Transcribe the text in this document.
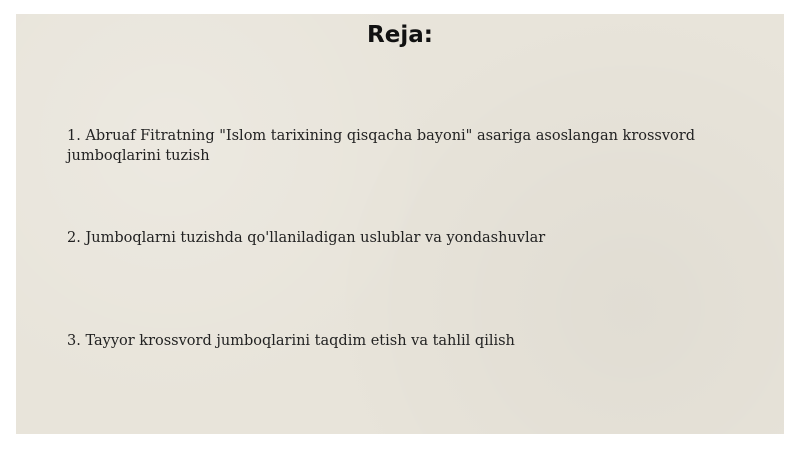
Reja:

1. Abruaf Fitratning "Islom tarixining qisqacha bayoni" asariga asoslangan krossvord jumboqlarini tuzish

2. Jumboqlarni tuzishda qo'llaniladigan uslublar va yondashuvlar

3. Tayyor krossvord jumboqlarini taqdim etish va tahlil qilish
